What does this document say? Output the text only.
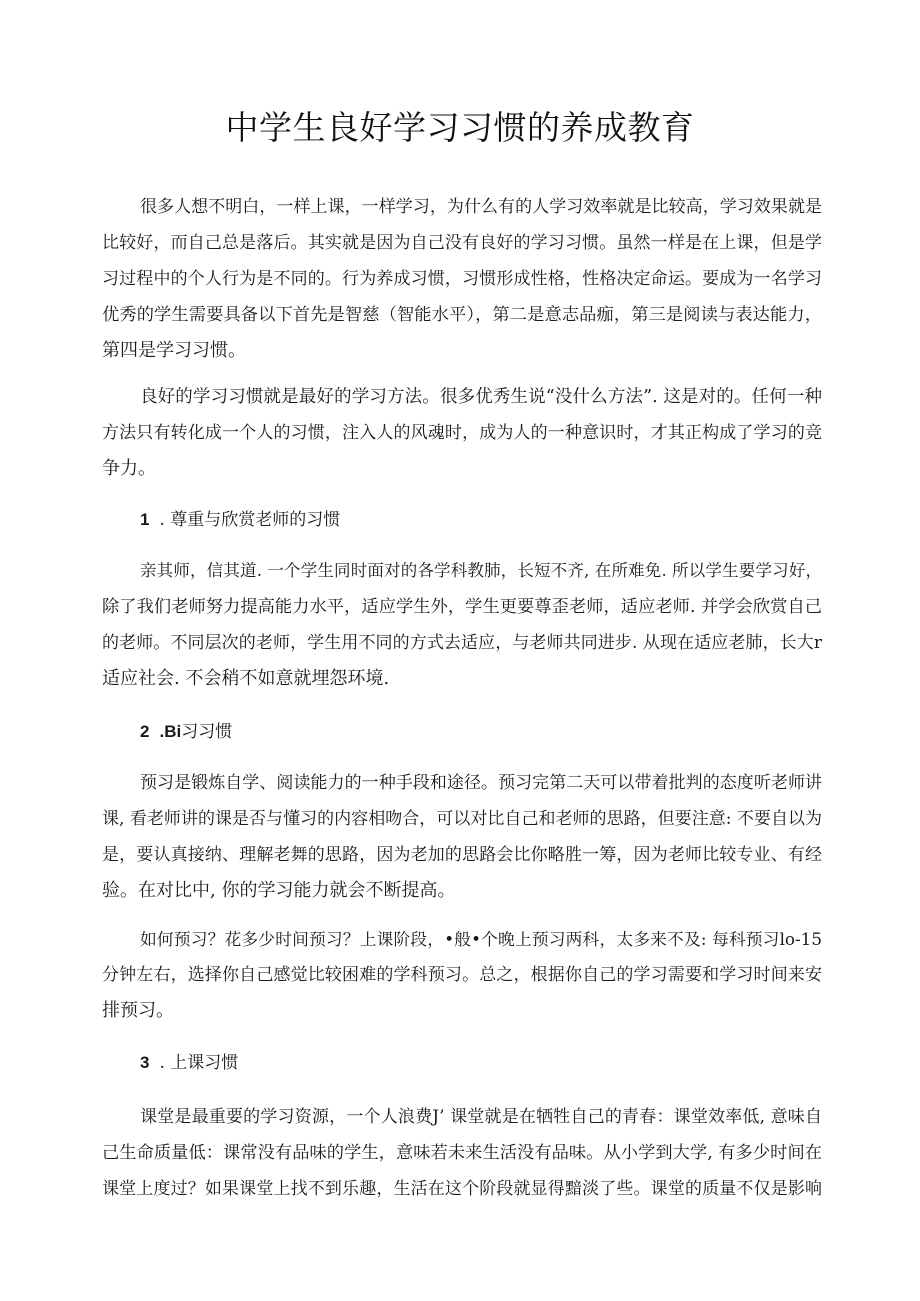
中学生良好学习习惯的养成教育
很多人想不明白，一样上课，一样学习，为什么有的人学习效率就是比较高，学习效果就是
比较好，而自己总是落后。其实就是因为自己没有良好的学习习惯。虽然一样是在上课，但是学
习过程中的个人行为是不同的。行为养成习惯，习惯形成性格，性格决定命运。要成为一名学习
优秀的学生需要具备以下首先是智慈（智能水平），第二是意志品痂，第三是阅读与表达能力，
第四是学习习惯。
良好的学习习惯就是最好的学习方法。很多优秀生说“没什么方法”. 这是对的。任何一种
方法只有转化成一个人的习惯，注入人的风魂时，成为人的一种意识时，才其正构成了学习的竞
争力。
1 . 尊重与欣赏老师的习惯
亲其师，信其道. 一个学生同时面对的各学科教肺，长短不齐, 在所难免. 所以学生要学习好，
除了我们老师努力提高能力水平，适应学生外，学生更要尊歪老师，适应老师. 并学会欣赏自己
的老师。不同层次的老师，学生用不同的方式去适应，与老师共同进步. 从现在适应老肺，长大r
适应社会. 不会稍不如意就埋怨环境.
2 .Bi习习惯
预习是锻炼自学、阅读能力的一种手段和途径。预习完第二天可以带着批判的态度听老师讲
课, 看老师讲的课是否与懂习的内容相吻合，可以对比自己和老师的思路，但要注意: 不要自以为
是，要认真接纳、理解老舞的思路，因为老加的思路会比你略胜一筹，因为老师比较专业、有经
验。在对比中, 你的学习能力就会不断提高。
如何预习？花多少时间预习？上课阶段，•般•个晚上预习两科，太多来不及: 每科预习lo-15
分钟左右，选择你自己感觉比较困难的学科预习。总之，根据你自己的学习需要和学习时间来安
排预习。
3 . 上课习惯
课堂是最重要的学习资源，一个人浪费J’ 课堂就是在牺牲自己的青春：课堂效率低, 意味自
己生命质量低：课常没有品味的学生，意味若未来生活没有品味。从小学到大学, 有多少时间在
课堂上度过？如果课堂上找不到乐趣，生活在这个阶段就显得黯淡了些。课堂的质量不仅是影响
